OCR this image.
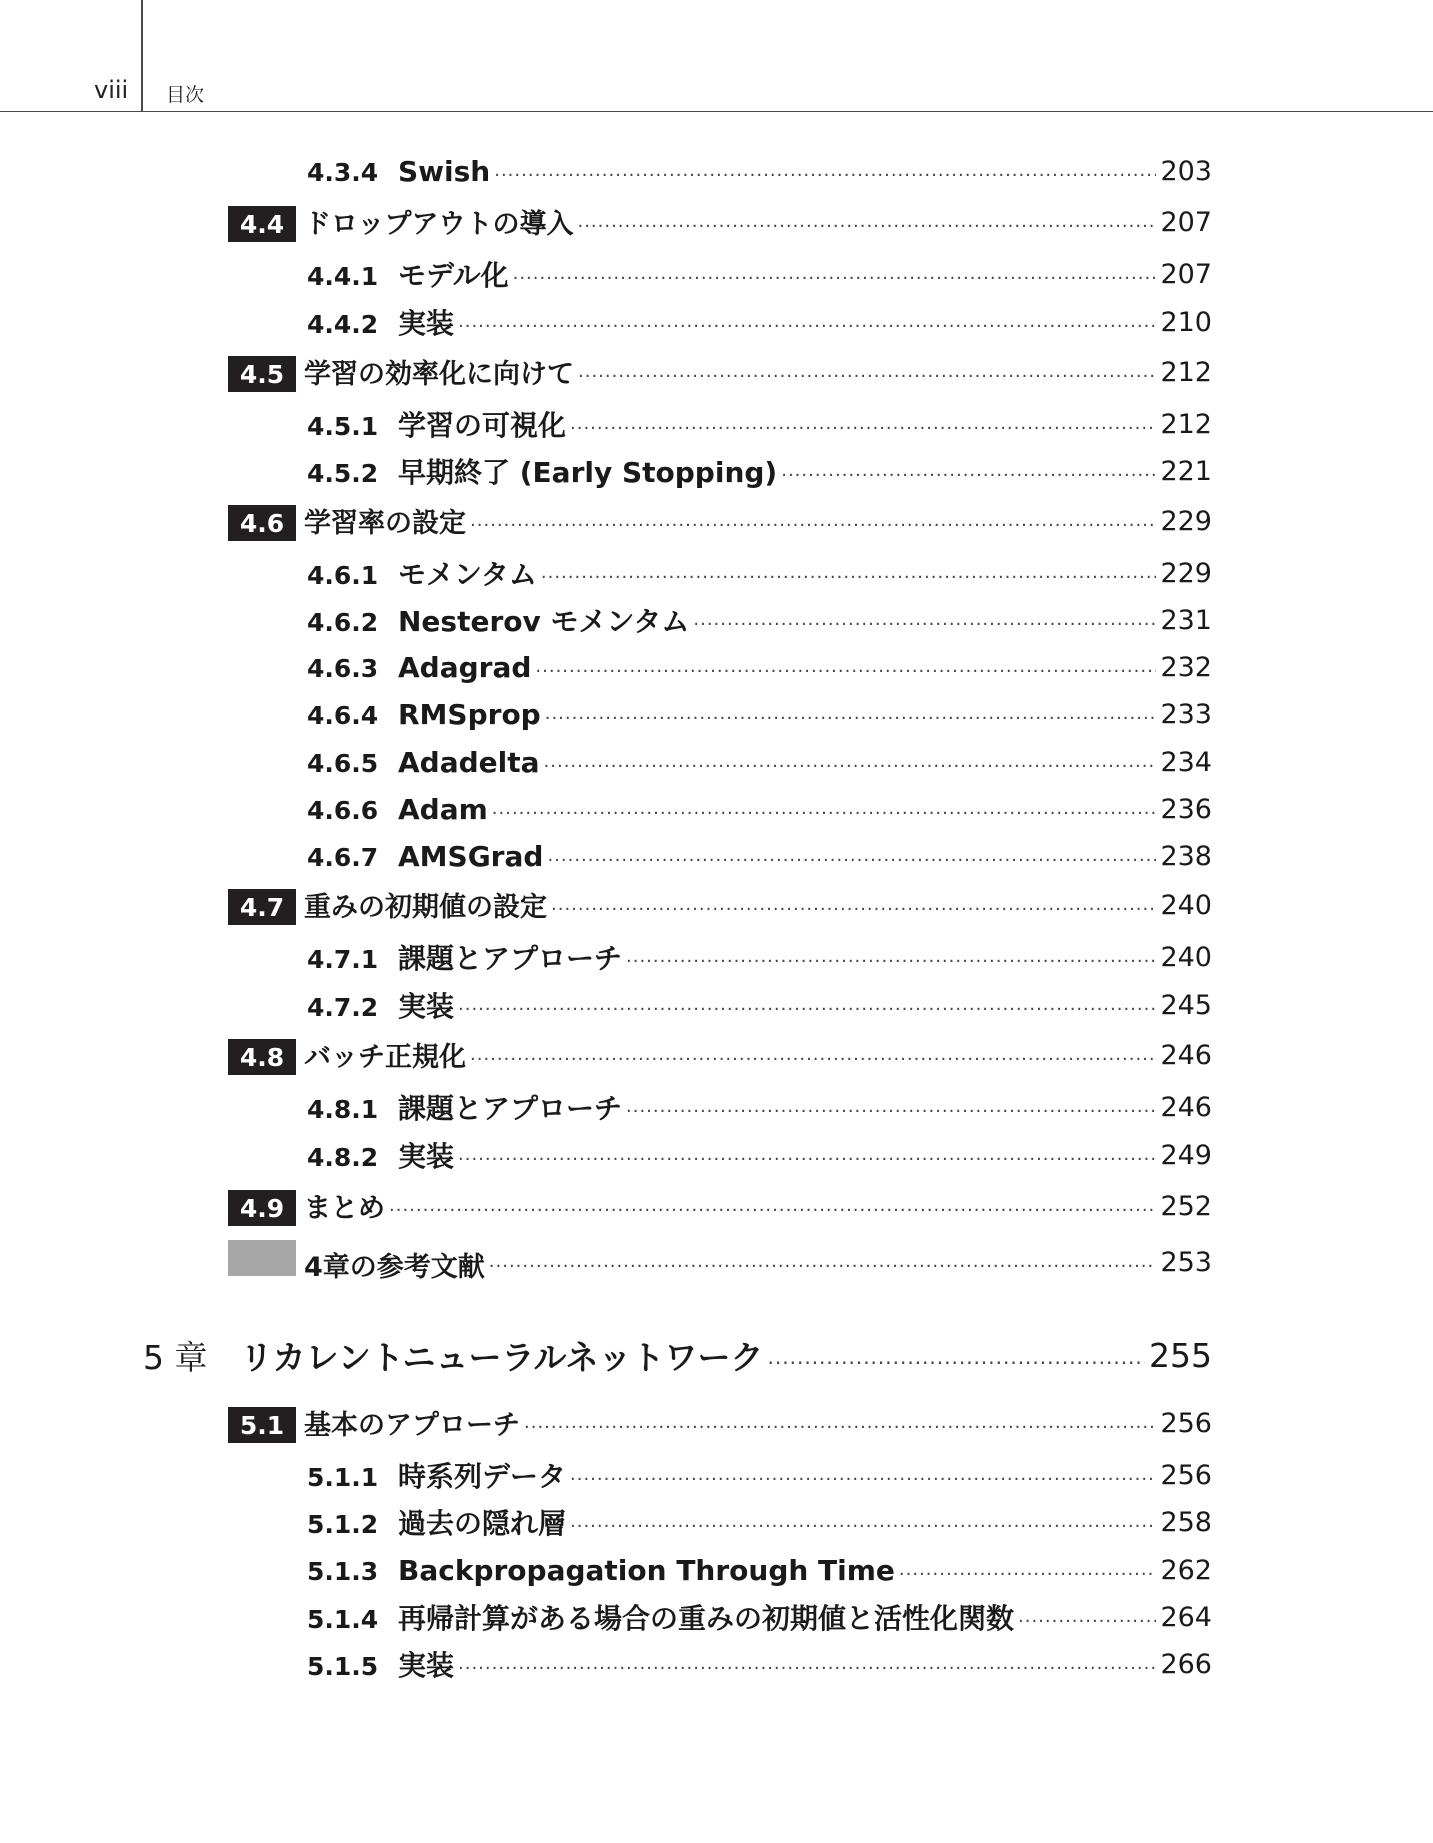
viii 目次
4.3.4 Swish .....	203
4.4 ドロップアウトの導入 .....	207
4.4.1 モデル化 .....	207
4.4.2 実装 .....	210
4.5 学習の効率化に向けて .....	212
4.5.1 学習の可視化 .....	212
4.5.2 早期終了 (Early Stopping) .....	221
4.6 学習率の設定 .....	229
4.6.1 モメンタム .....	229
4.6.2 Nesterov モメンタム .....	231
4.6.3 Adagrad .....	232
4.6.4 RMSprop .....	233
4.6.5 Adadelta .....	234
4.6.6 Adam .....	236
4.6.7 AMSGrad .....	238
4.7 重みの初期値の設定 .....	240
4.7.1 課題とアプローチ .....	240
4.7.2 実装 .....	245
4.8 バッチ正規化 .....	246
4.8.1 課題とアプローチ .....	246
4.8.2 実装 .....	249
4.9 まとめ .....	252
4章の参考文献 .....	253
5 章 リカレントニューラルネットワーク .....	255
5.1 基本のアプローチ .....	256
5.1.1 時系列データ .....	256
5.1.2 過去の隠れ層 .....	258
5.1.3 Backpropagation Through Time .....	262
5.1.4 再帰計算がある場合の重みの初期値と活性化関数 .....	264
5.1.5 実装 .....	266
